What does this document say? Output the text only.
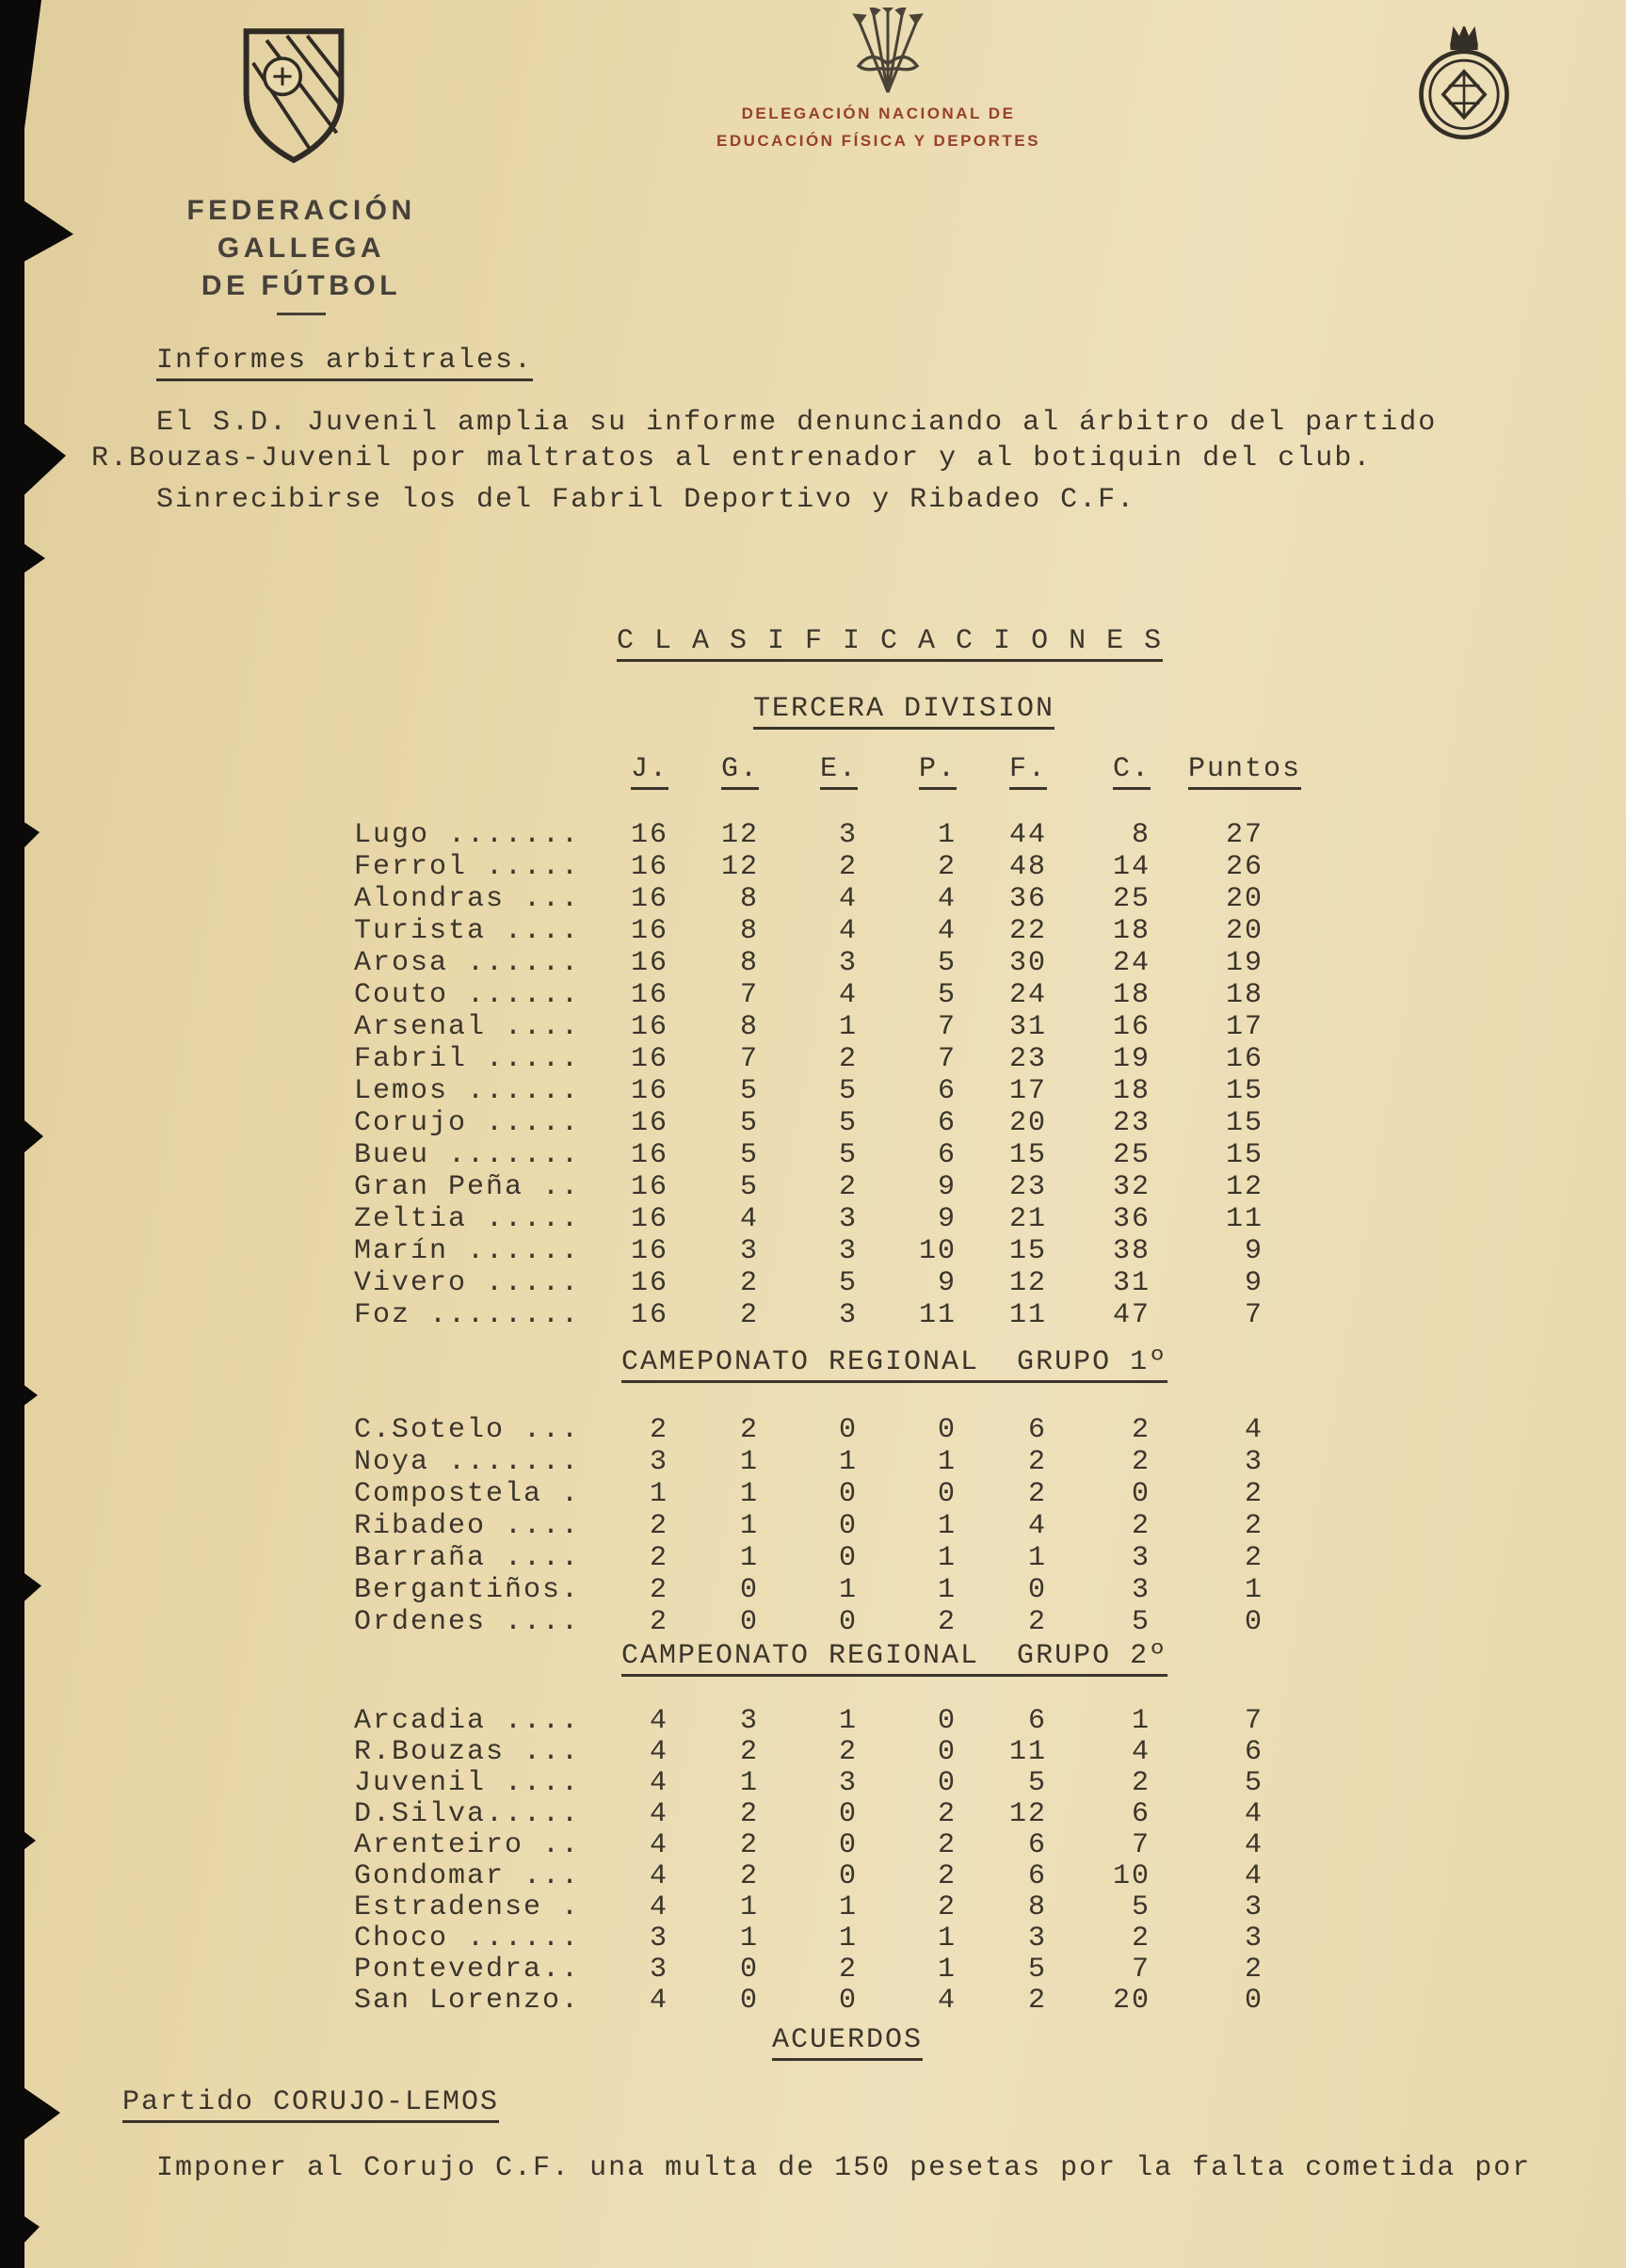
FEDERACIÓN GALLEGA
DE FÚTBOL
DELEGACIÓN NACIONAL DE
EDUCACIÓN FÍSICA Y DEPORTES
Informes arbitrales.
El S.D. Juvenil amplia su informe denunciando al árbitro del partido
R.Bouzas-Juvenil por maltratos al entrenador y al botiquin del club.
Sinrecibirse los del Fabril Deportivo y Ribadeo C.F.
C L A S I F I C A C I O N E S
TERCERA DIVISION
J.	G.	E.	P.	F.	C.	Puntos
Lugo .......	16	12	3	1	44	8	27
Ferrol .....	16	12	2	2	48	14	26
Alondras ...	16	8	4	4	36	25	20
Turista ....	16	8	4	4	22	18	20
Arosa ......	16	8	3	5	30	24	19
Couto ......	16	7	4	5	24	18	18
Arsenal ....	16	8	1	7	31	16	17
Fabril .....	16	7	2	7	23	19	16
Lemos ......	16	5	5	6	17	18	15
Corujo .....	16	5	5	6	20	23	15
Bueu .......	16	5	5	6	15	25	15
Gran Peña ..	16	5	2	9	23	32	12
Zeltia .....	16	4	3	9	21	36	11
Marín ......	16	3	3	10	15	38	9
Vivero .....	16	2	5	9	12	31	9
Foz ........	16	2	3	11	11	47	7
CAMEPONATO REGIONAL  GRUPO 1º
C.Sotelo ...	2	2	0	0	6	2	4
Noya .......	3	1	1	1	2	2	3
Compostela .	1	1	0	0	2	0	2
Ribadeo ....	2	1	0	1	4	2	2
Barraña ....	2	1	0	1	1	3	2
Bergantiños.	2	0	1	1	0	3	1
Ordenes ....	2	0	0	2	2	5	0
CAMPEONATO REGIONAL  GRUPO 2º
Arcadia ....	4	3	1	0	6	1	7
R.Bouzas ...	4	2	2	0	11	4	6
Juvenil ....	4	1	3	0	5	2	5
D.Silva.....	4	2	0	2	12	6	4
Arenteiro ..	4	2	0	2	6	7	4
Gondomar ...	4	2	0	2	6	10	4
Estradense .	4	1	1	2	8	5	3
Choco ......	3	1	1	1	3	2	3
Pontevedra..	3	0	2	1	5	7	2
San Lorenzo.	4	0	0	4	2	20	0
ACUERDOS
Partido CORUJO-LEMOS
Imponer al Corujo C.F. una multa de 150 pesetas por la falta cometida por
